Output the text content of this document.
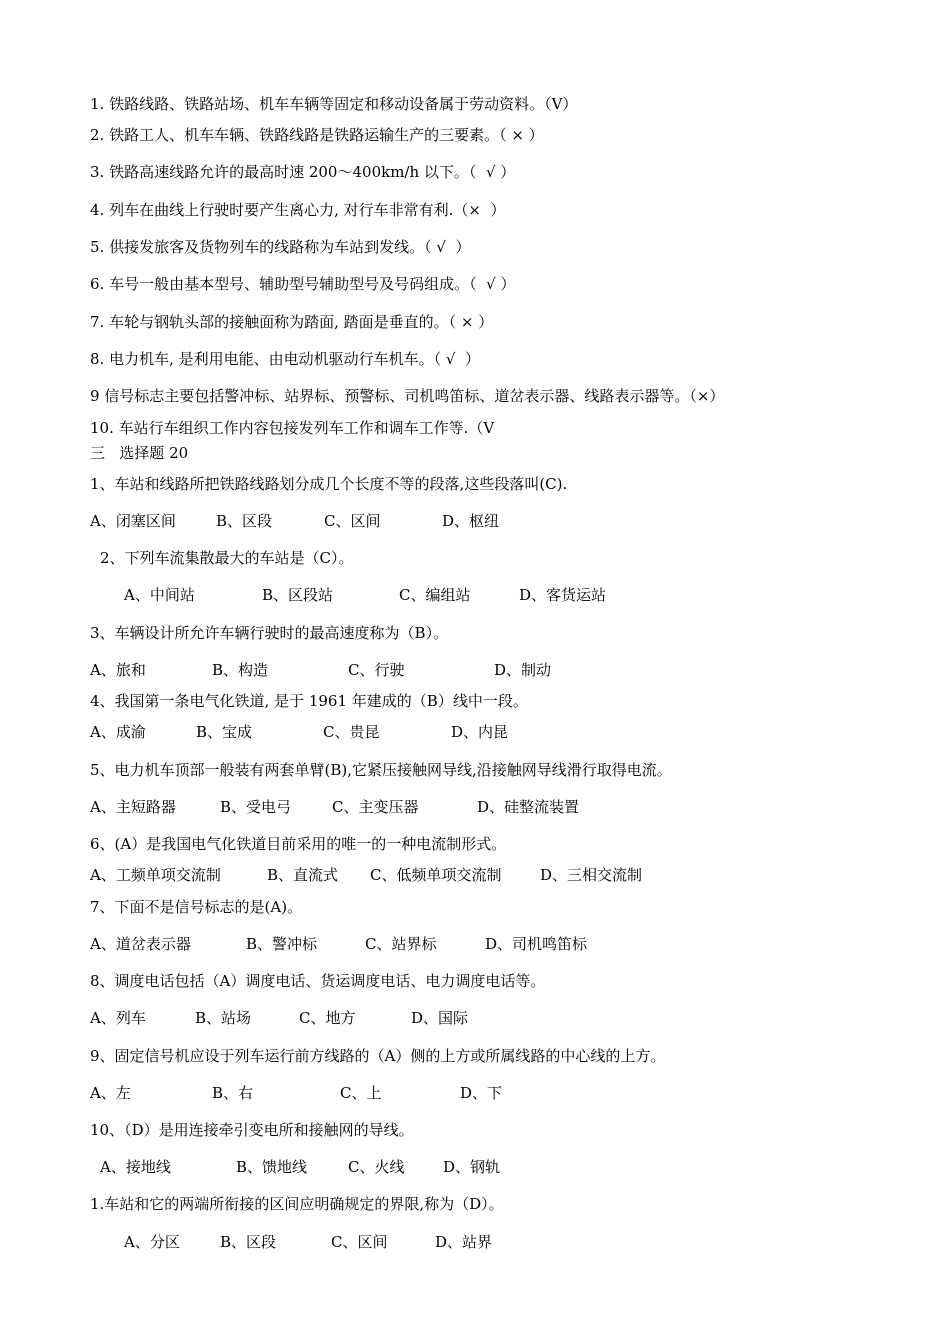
1. 铁路线路、铁路站场、机车车辆等固定和移动设备属于劳动资料。（V）
2. 铁路工人、机车车辆、铁路线路是铁路运输生产的三要素。（ × ）
3. 铁路高速线路允许的最高时速 200～400km/h 以下。（  √ ）
4. 列车在曲线上行驶时要产生离心力, 对行车非常有利.（×  ）
5. 供接发旅客及货物列车的线路称为车站到发线。（ √  ）
6. 车号一般由基本型号、辅助型号辅助型号及号码组成。（  √ ）
7. 车轮与钢轨头部的接触面称为踏面, 踏面是垂直的。（ × ）
8. 电力机车, 是利用电能、由电动机驱动行车机车。（ √  ）
9 信号标志主要包括警冲标、站界标、预警标、司机鸣笛标、道岔表示器、线路表示器等。（×）
10. 车站行车组织工作内容包接发列车工作和调车工作等.（V
三   选择题 20
1、车站和线路所把铁路线路划分成几个长度不等的段落,这些段落叫(C).
A、闭塞区间	B、区段	C、区间	D、枢纽
2、下列车流集散最大的车站是（C）。
A、中间站	B、区段站	C、编组站	D、客货运站
3、车辆设计所允许车辆行驶时的最高速度称为（B）。
A、旅和	B、构造	C、行驶	D、制动
4、我国第一条电气化铁道, 是于 1961 年建成的（B）线中一段。
A、成渝	B、宝成	C、贵昆	D、内昆
5、电力机车顶部一般装有两套单臂(B),它紧压接触网导线,沿接触网导线滑行取得电流。
A、主短路器	B、受电弓	C、主变压器	D、硅整流装置
6、(A）是我国电气化铁道目前采用的唯一的一种电流制形式。
A、工频单项交流制	B、直流式 C、低频单项交流制	D、三相交流制
7、下面不是信号标志的是(A)。
A、道岔表示器	B、警冲标	C、站界标	D、司机鸣笛标
8、调度电话包括（A）调度电话、货运调度电话、电力调度电话等。
A、列车	B、站场	C、地方	D、国际
9、固定信号机应设于列车运行前方线路的（A）侧的上方或所属线路的中心线的上方。
A、左	B、右	C、上	D、下
10、（D）是用连接牵引变电所和接触网的导线。
A、接地线	B、馈地线	C、火线	D、钢轨
1.车站和它的两端所衔接的区间应明确规定的界限,称为（D）。
A、分区	B、区段	C、区间	D、站界
